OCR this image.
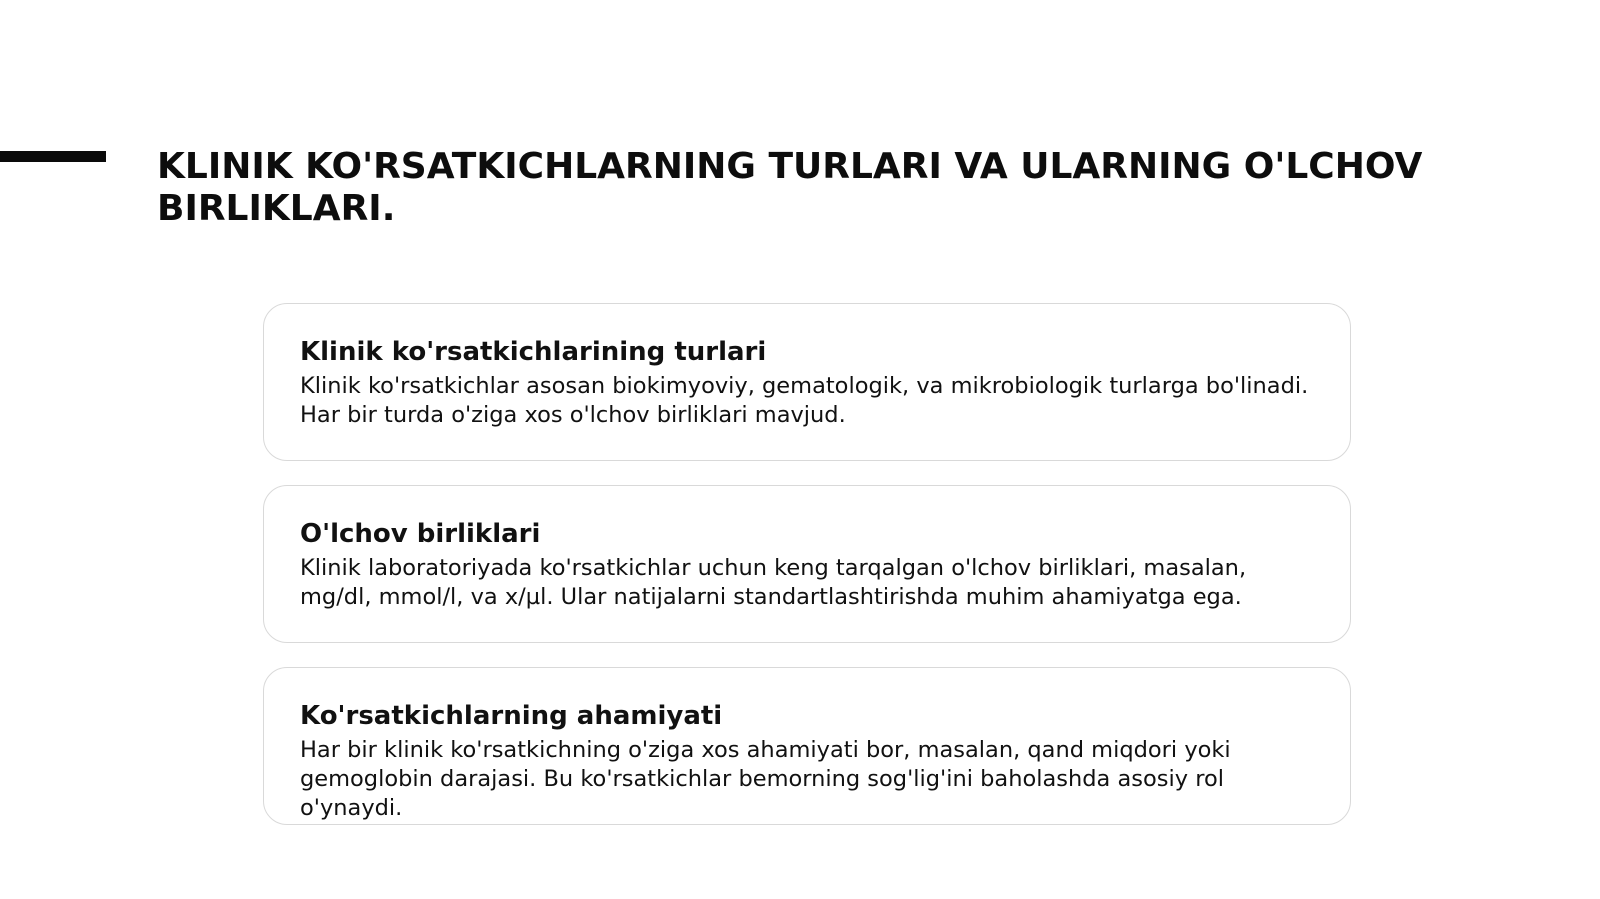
KLINIK KO'RSATKICHLARNING TURLARI VA ULARNING O'LCHOV BIRLIKLARI.

Klinik ko'rsatkichlarining turlari

Klinik ko'rsatkichlar asosan biokimyoviy, gematologik, va mikrobiologik turlarga bo'linadi. Har bir turda o'ziga xos o'lchov birliklari mavjud.

O'lchov birliklari

Klinik laboratoriyada ko'rsatkichlar uchun keng tarqalgan o'lchov birliklari, masalan, mg/dl, mmol/l, va x/µl. Ular natijalarni standartlashtirishda muhim ahamiyatga ega.

Ko'rsatkichlarning ahamiyati

Har bir klinik ko'rsatkichning o'ziga xos ahamiyati bor, masalan, qand miqdori yoki gemoglobin darajasi. Bu ko'rsatkichlar bemorning sog'lig'ini baholashda asosiy rol o'ynaydi.
